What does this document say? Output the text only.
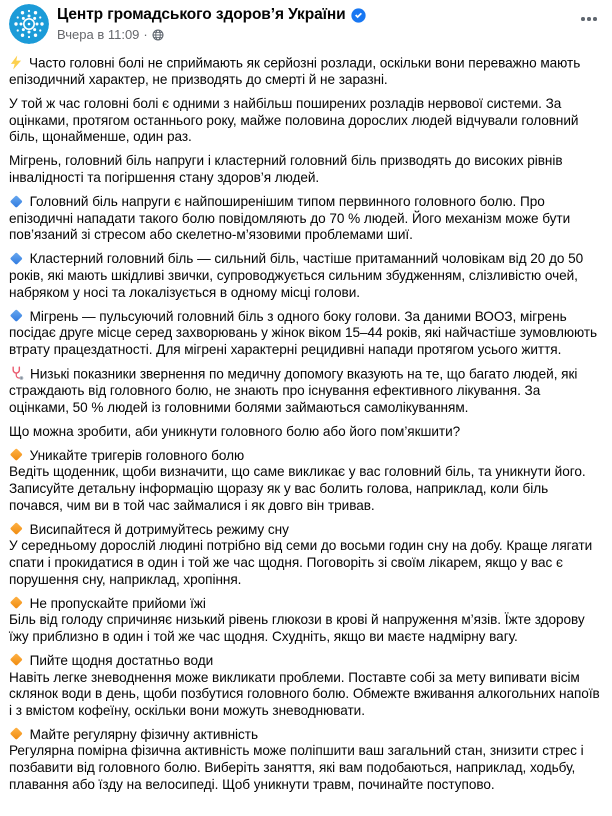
Центр громадського здоров’я України
Вчера в 11:09 ·

Часто головні болі не сприймають як серйозні розлади, оскільки вони переважно мають епізодичний характер, не призводять до смерті й не заразні.

У той ж час головні болі є одними з найбільш поширених розладів нервової системи. За оцінками, протягом останнього року, майже половина дорослих людей відчували головний біль, щонайменше, один раз.

Мігрень, головний біль напруги і кластерний головний біль призводять до високих рівнів інвалідності та погіршення стану здоров’я людей.

Головний біль напруги є найпоширенішим типом первинного головного болю. Про епізодичні нападати такого болю повідомляють до 70 % людей. Його механізм може бути пов’язаний зі стресом або скелетно-м’язовими проблемами шиї.

Кластерний головний біль — сильний біль, частіше притаманний чоловікам від 20 до 50 років, які мають шкідливі звички, супроводжується сильним збудженням, слізливістю очей, набряком у носі та локалізується в одному місці голови.

Мігрень — пульсуючий головний біль з одного боку голови. За даними ВООЗ, мігрень посідає друге місце серед захворювань у жінок віком 15–44 років, які найчастіше зумовлюють втрату працездатності. Для мігрені характерні рецидивні напади протягом усього життя.

Низькі показники звернення по медичну допомогу вказують на те, що багато людей, які страждають від головного болю, не знають про існування ефективного лікування. За оцінками, 50 % людей із головними болями займаються самолікуванням.

Що можна зробити, аби уникнути головного болю або його пом’якшити?

Уникайте тригерів головного болю
Ведіть щоденник, щоби визначити, що саме викликає у вас головний біль, та уникнути його. Записуйте детальну інформацію щоразу як у вас болить голова, наприклад, коли біль почався, чим ви в той час займалися і як довго він тривав.

Висипайтеся й дотримуйтесь режиму сну
У середньому дорослій людині потрібно від семи до восьми годин сну на добу. Краще лягати спати і прокидатися в один і той же час щодня. Поговоріть зі своїм лікарем, якщо у вас є порушення сну, наприклад, хропіння.

Не пропускайте прийоми їжі
Біль від голоду спричиняє низький рівень глюкози в крові й напруження м’язів. Їжте здорову їжу приблизно в один і той же час щодня. Схудніть, якщо ви маєте надмірну вагу.

Пийте щодня достатньо води
Навіть легке зневоднення може викликати проблеми. Поставте собі за мету випивати вісім склянок води в день, щоби позбутися головного болю. Обмежте вживання алкогольних напоїв і з вмістом кофеїну, оскільки вони можуть зневоднювати.

Майте регулярну фізичну активність
Регулярна помірна фізична активність може поліпшити ваш загальний стан, знизити стрес і позбавити від головного болю. Виберіть заняття, які вам подобаються, наприклад, ходьбу, плавання або їзду на велосипеді. Щоб уникнути травм, починайте поступово.
